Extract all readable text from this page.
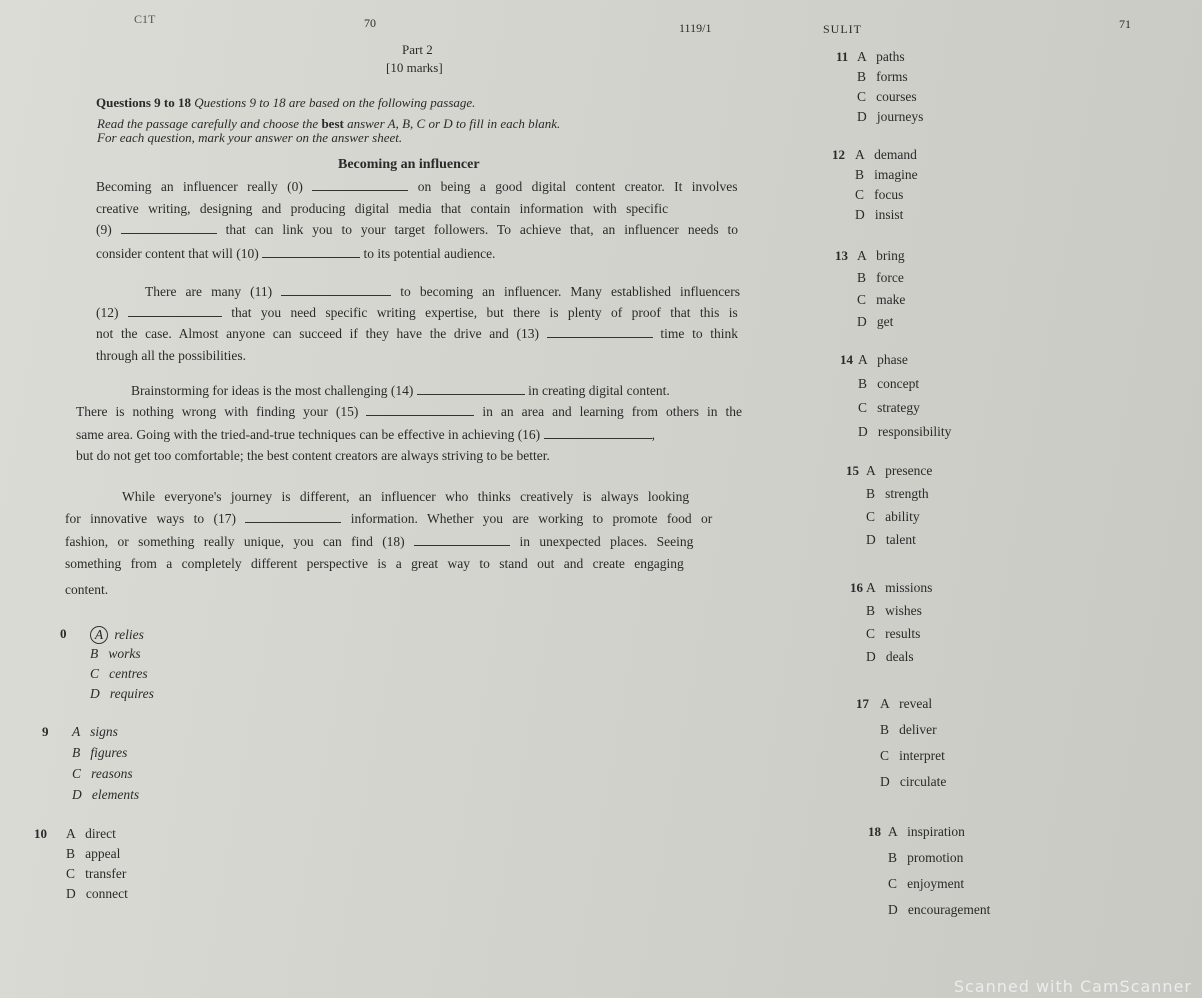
C1T	70	1119/1	SULIT	71
Part 2
[10 marks]
Questions 9 to 18 Questions 9 to 18 are based on the following passage.
Read the passage carefully and choose the best answer A, B, C or D to fill in each blank.
For each question, mark your answer on the answer sheet.
Becoming an influencer
Becoming an influencer really (0)	on being a good digital content creator. It involves
creative writing, designing and producing digital media that contain information with specific
(9)	that can link you to your target followers. To achieve that, an influencer needs to
consider content that will (10)	to its potential audience.
There are many (11)	to becoming an influencer. Many established influencers
(12)	that you need specific writing expertise, but there is plenty of proof that this is
not the case. Almost anyone can succeed if they have the drive and (13)	time to think
through all the possibilities.
Brainstorming for ideas is the most challenging (14)	in creating digital content.
There is nothing wrong with finding your (15)	in an area and learning from others in the
same area. Going with the tried-and-true techniques can be effective in achieving (16)	,
but do not get too comfortable; the best content creators are always striving to be better.
While everyone's journey is different, an influencer who thinks creatively is always looking
for innovative ways to (17)	information. Whether you are working to promote food or
fashion, or something really unique, you can find (18)	in unexpected places. Seeing
something from a completely different perspective is a great way to stand out and create engaging
content.
0	A relies
B   works
C   centres
D   requires
9 A   signs
B   figures
C   reasons
D   elements
10 A   direct
B   appeal
C   transfer
D   connect
11 A   paths
B   forms
C   courses
D   journeys
12 A   demand
B   imagine
C   focus
D   insist
13 A   bring
B   force
C   make
D   get
14 A   phase
B   concept
C   strategy
D   responsibility
15 A   presence
B   strength
C   ability
D   talent
16 A   missions
B   wishes
C   results
D   deals
17 A   reveal
B   deliver
C   interpret
D   circulate
18 A   inspiration
B   promotion
C   enjoyment
D   encouragement
Scanned with CamScanner
